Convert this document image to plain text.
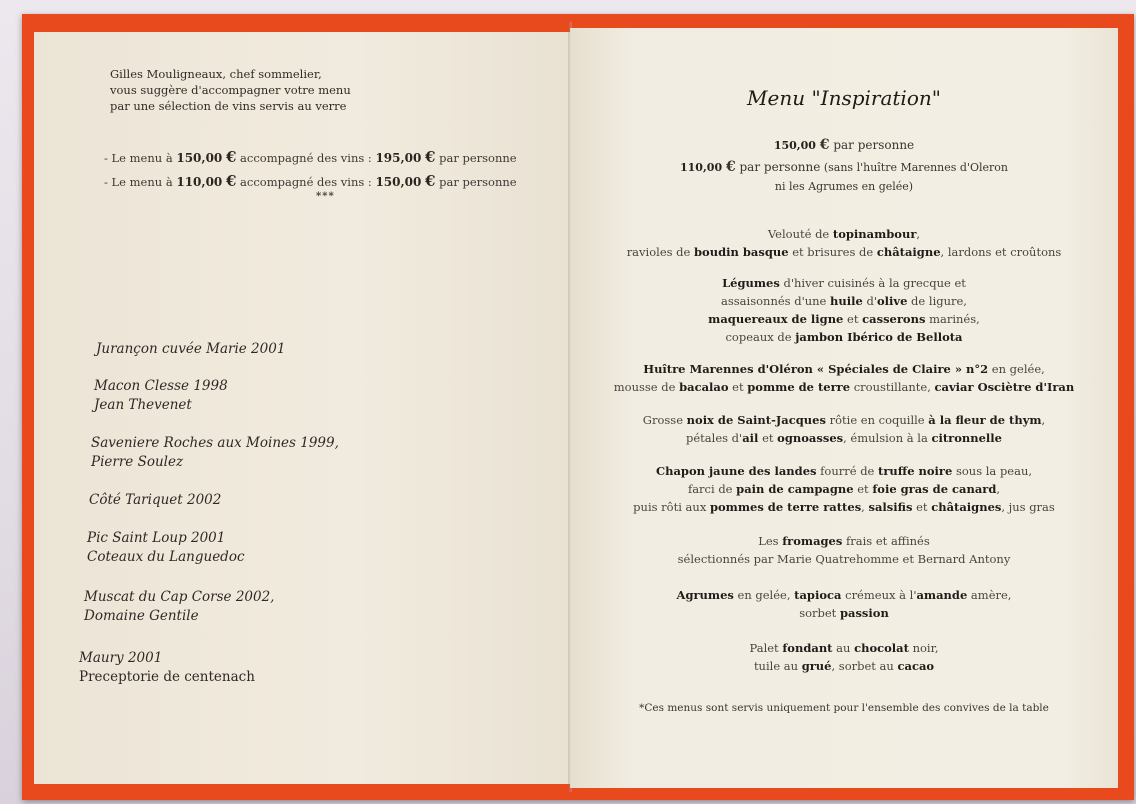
Gilles Mouligneaux, chef sommelier,
vous suggère d'accompagner votre menu
par une sélection de vins servis au verre
- Le menu à 150,00 € accompagné des vins : 195,00 € par personne
- Le menu à 110,00 € accompagné des vins : 150,00 € par personne
***
Jurançon cuvée Marie 2001
Macon Clesse 1998
Jean Thevenet
Saveniere Roches aux Moines 1999,
Pierre Soulez
Côté Tariquet 2002
Pic Saint Loup 2001
Coteaux du Languedoc
Muscat du Cap Corse 2002,
Domaine Gentile
Maury 2001
Preceptorie de centenach
Menu "Inspiration"
150,00 € par personne
110,00 € par personne (sans l'huître Marennes d'Oleron
ni les Agrumes en gelée)
Velouté de topinambour,
ravioles de boudin basque et brisures de châtaigne, lardons et croûtons
Légumes d'hiver cuisinés à la grecque et
assaisonnés d'une huile d'olive de ligure,
maquereaux de ligne et casserons marinés,
copeaux de jambon Ibérico de Bellota
Huître Marennes d'Oléron « Spéciales de Claire » n°2 en gelée,
mousse de bacalao et pomme de terre croustillante, caviar Osciètre d'Iran
Grosse noix de Saint-Jacques rôtie en coquille à la fleur de thym,
pétales d'ail et ognoasses, émulsion à la citronnelle
Chapon jaune des landes fourré de truffe noire sous la peau,
farci de pain de campagne et foie gras de canard,
puis rôti aux pommes de terre rattes, salsifis et châtaignes, jus gras
Les fromages frais et affinés
sélectionnés par Marie Quatrehomme et Bernard Antony
Agrumes en gelée, tapioca crémeux à l'amande amère,
sorbet passion
Palet fondant au chocolat noir,
tuile au grué, sorbet au cacao
*Ces menus sont servis uniquement pour l'ensemble des convives de la table
